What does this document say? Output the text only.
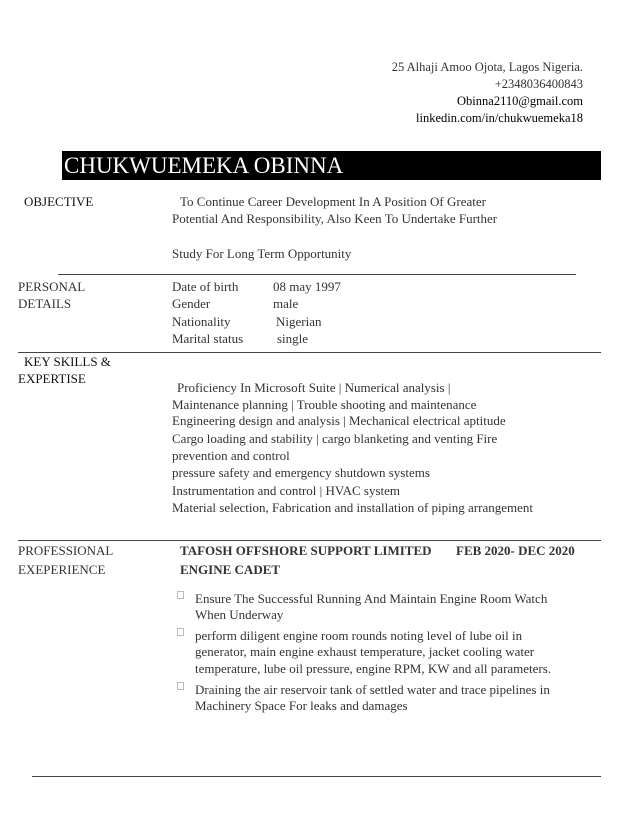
25 Alhaji Amoo Ojota, Lagos Nigeria.
+2348036400843
Obinna2110@gmail.com
linkedin.com/in/chukwuemeka18
CHUKWUEMEKA OBINNA
OBJECTIVE	To Continue Career Development In A Position Of Greater
Potential And Responsibility, Also Keen To Undertake Further
Study For Long Term Opportunity
PERSONAL
DETAILS
Date of birth	08 may 1997
Gender	male
Nationality	Nigerian
Marital status	single
KEY SKILLS &
EXPERTISE
Proficiency In Microsoft Suite | Numerical analysis |
Maintenance planning | Trouble shooting and maintenance
Engineering design and analysis | Mechanical electrical aptitude
Cargo loading and stability | cargo blanketing and venting Fire
prevention and control
pressure safety and emergency shutdown systems
Instrumentation and control | HVAC system
Material selection, Fabrication and installation of piping arrangement
PROFESSIONAL
EXEPERIENCE
TAFOSH OFFSHORE SUPPORT LIMITED FEB 2020- DEC 2020
ENGINE CADET
Ensure The Successful Running And Maintain Engine Room Watch
When Underway
perform diligent engine room rounds noting level of lube oil in
generator, main engine exhaust temperature, jacket cooling water
temperature, lube oil pressure, engine RPM, KW and all parameters.
Draining the air reservoir tank of settled water and trace pipelines in
Machinery Space For leaks and damages
